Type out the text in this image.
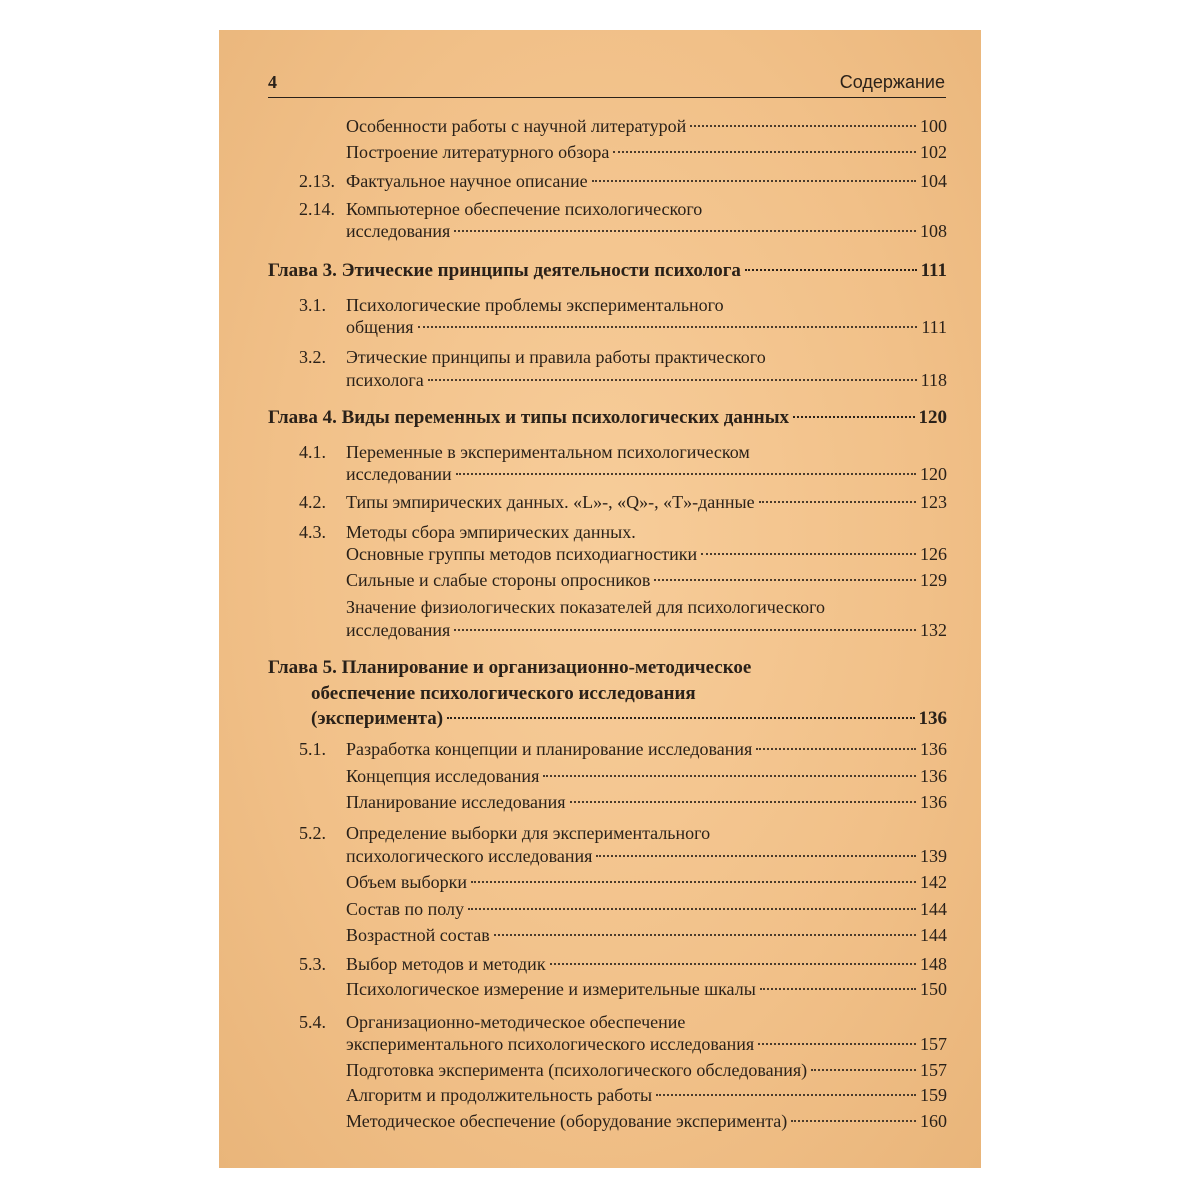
4	Содержание
Особенности работы с научной литературой	100
Построение литературного обзора	102
2.13. Фактуальное научное описание	104
2.14. Компьютерное обеспечение психологического
исследования	108
Глава 3. Этические принципы деятельности психолога	111
3.1. Психологические проблемы экспериментального
общения	111
3.2. Этические принципы и правила работы практического
психолога	118
Глава 4. Виды переменных и типы психологических данных	120
4.1. Переменные в экспериментальном психологическом
исследовании	120
4.2. Типы эмпирических данных. «L»-, «Q»-, «T»-данные	123
4.3. Методы сбора эмпирических данных.
Основные группы методов психодиагностики	126
Сильные и слабые стороны опросников	129
Значение физиологических показателей для психологического
исследования	132
Глава 5. Планирование и организационно-методическое
обеспечение психологического исследования
(эксперимента)	136
5.1. Разработка концепции и планирование исследования	136
Концепция исследования	136
Планирование исследования	136
5.2. Определение выборки для экспериментального
психологического исследования	139
Объем выборки	142
Состав по полу	144
Возрастной состав	144
5.3. Выбор методов и методик	148
Психологическое измерение и измерительные шкалы	150
5.4. Организационно-методическое обеспечение
экспериментального психологического исследования	157
Подготовка эксперимента (психологического обследования)	157
Алгоритм и продолжительность работы	159
Методическое обеспечение (оборудование эксперимента)	160
